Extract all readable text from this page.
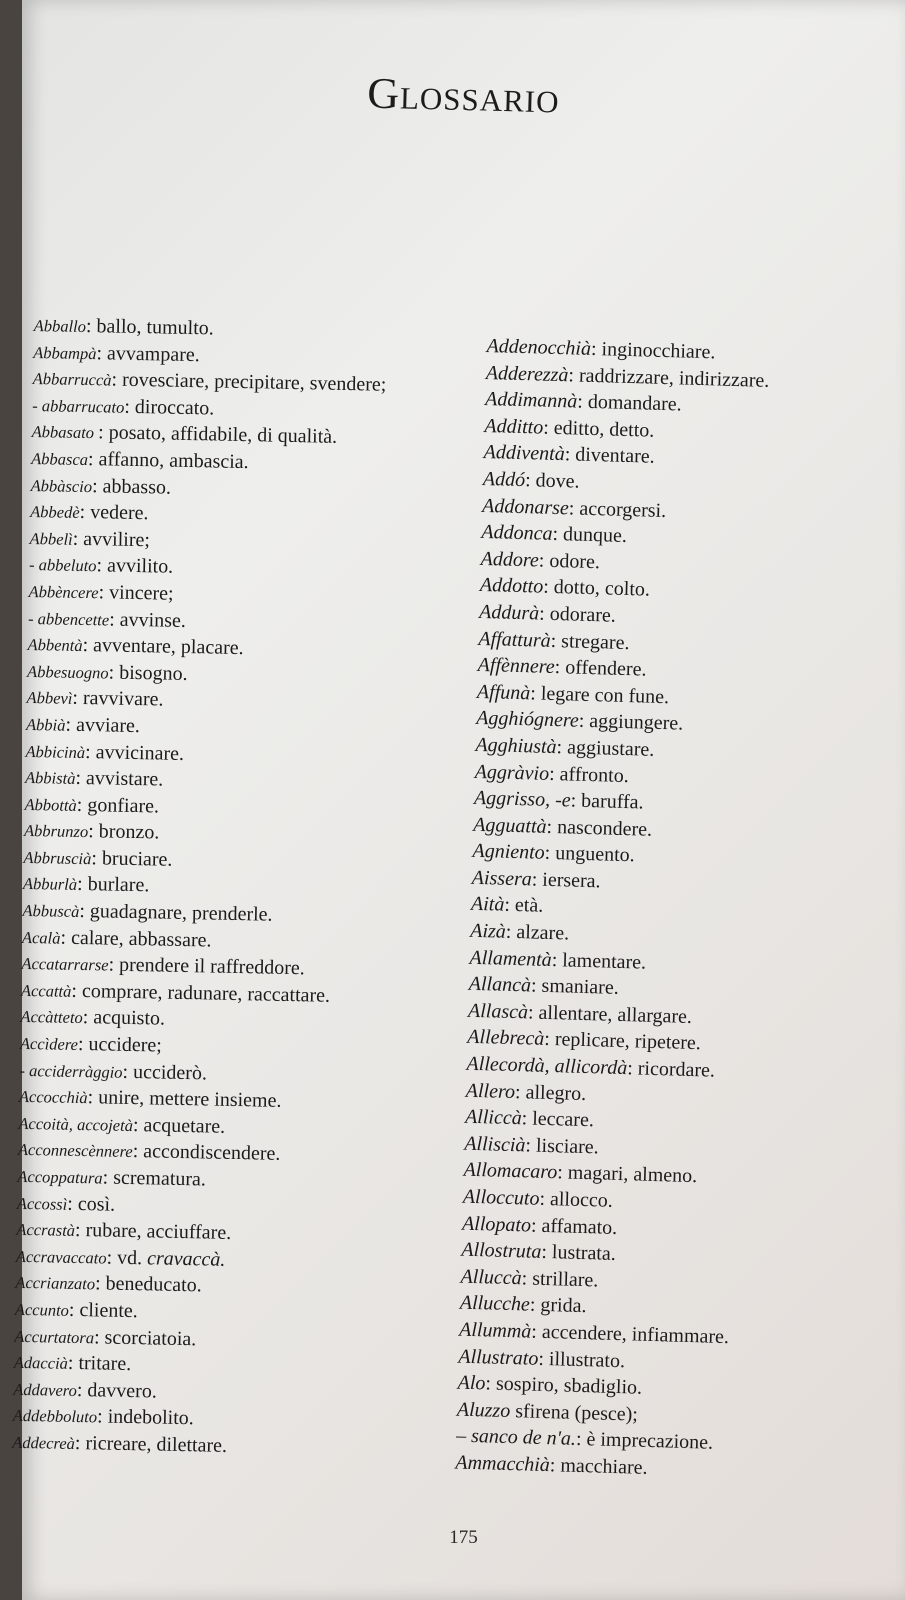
Glossario
Abballo: ballo, tumulto.
Abbampà: avvampare.
Abbarruccà: rovesciare, precipitare, svendere;
- abbarrucato: diroccato.
Abbasato : posato, affidabile, di qualità.
Abbasca: affanno, ambascia.
Abbàscio: abbasso.
Abbedè: vedere.
Abbelì: avvilire;
- abbeluto: avvilito.
Abbèncere: vincere;
- abbencette: avvinse.
Abbentà: avventare, placare.
Abbesuogno: bisogno.
Abbevì: ravvivare.
Abbià: avviare.
Abbicinà: avvicinare.
Abbistà: avvistare.
Abbottà: gonfiare.
Abbrunzo: bronzo.
Abbruscià: bruciare.
Abburlà: burlare.
Abbuscà: guadagnare, prenderle.
Acalà: calare, abbassare.
Accatarrarse: prendere il raffreddore.
Accattà: comprare, radunare, raccattare.
Accàtteto: acquisto.
Accìdere: uccidere;
- acciderràggio: ucciderò.
Accocchià: unire, mettere insieme.
Accoità, accojetà: acquetare.
Acconnescènnere: accondiscendere.
Accoppatura: scrematura.
Accossì: così.
Accrastà: rubare, acciuffare.
Accravaccato: vd. cravaccà.
Accrianzato: beneducato.
Accunto: cliente.
Accurtatora: scorciatoia.
Adaccià: tritare.
Addavero: davvero.
Addebboluto: indebolito.
Addecreà: ricreare, dilettare.
Addenocchià: inginocchiare.
Adderezzà: raddrizzare, indirizzare.
Addimannà: domandare.
Additto: editto, detto.
Addiventà: diventare.
Addó: dove.
Addonarse: accorgersi.
Addonca: dunque.
Addore: odore.
Addotto: dotto, colto.
Addurà: odorare.
Affatturà: stregare.
Affènnere: offendere.
Affunà: legare con fune.
Agghiógnere: aggiungere.
Agghiustà: aggiustare.
Aggràvio: affronto.
Aggrisso, -e: baruffa.
Agguattà: nascondere.
Agniento: unguento.
Aissera: iersera.
Aità: età.
Aizà: alzare.
Allamentà: lamentare.
Allancà: smaniare.
Allascà: allentare, allargare.
Allebrecà: replicare, ripetere.
Allecordà, allicordà: ricordare.
Allero: allegro.
Alliccà: leccare.
Alliscià: lisciare.
Allomacaro: magari, almeno.
Alloccuto: allocco.
Allopato: affamato.
Allostruta: lustrata.
Alluccà: strillare.
Allucche: grida.
Allummà: accendere, infiammare.
Allustrato: illustrato.
Alo: sospiro, sbadiglio.
Aluzzo sfirena (pesce);
– sanco de n'a.: è imprecazione.
Ammacchià: macchiare.
175
